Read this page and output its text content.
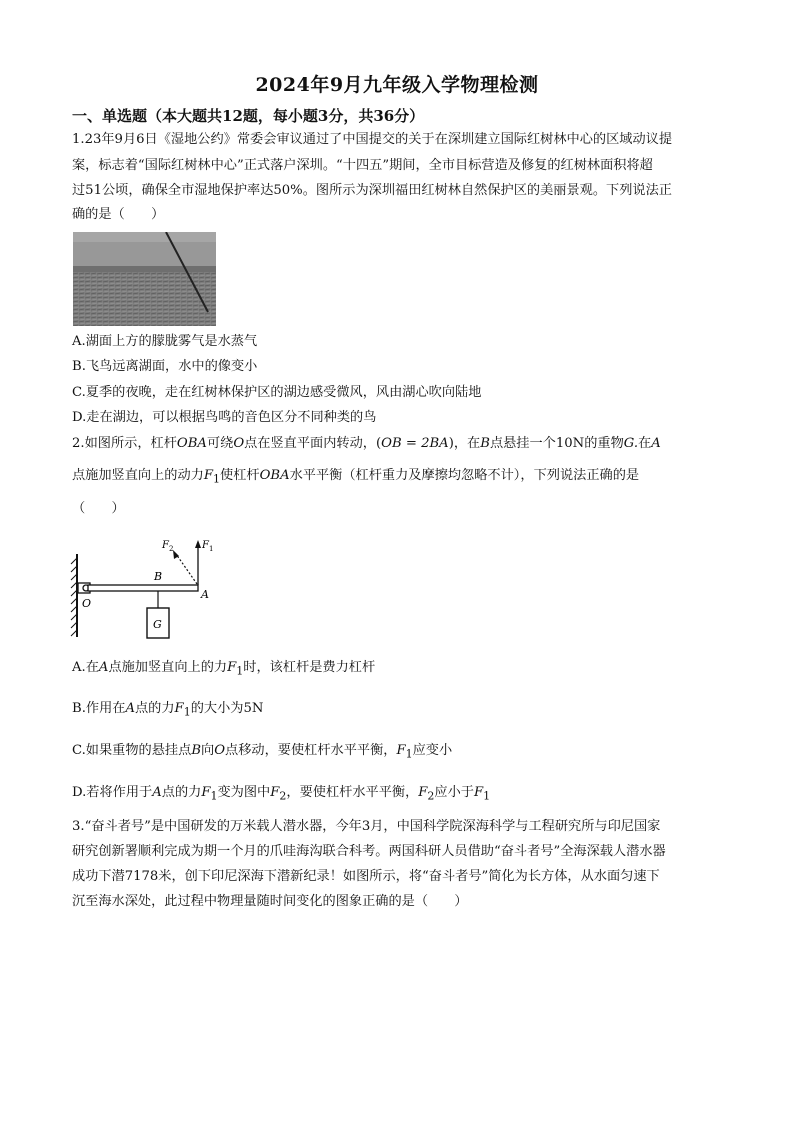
2024年9月九年级入学物理检测
一、单选题（本大题共12题，每小题3分，共36分）
1.23年9月6日《湿地公约》常委会审议通过了中国提交的关于在深圳建立国际红树林中心的区域动议提
案，标志着“国际红树林中心”正式落户深圳。“十四五”期间，全市目标营造及修复的红树林面积将超
过51公顷，确保全市湿地保护率达50%。图所示为深圳福田红树林自然保护区的美丽景观。下列说法正
确的是（　　）
A.湖面上方的朦胧雾气是水蒸气
B.飞鸟远离湖面，水中的像变小
C.夏季的夜晚，走在红树林保护区的湖边感受微风，风由湖心吹向陆地
D.走在湖边，可以根据鸟鸣的音色区分不同种类的鸟
2.如图所示，杠杆OBA可绕O点在竖直平面内转动，(OB = 2BA)，在B点悬挂一个10N的重物G.在A
点施加竖直向上的动力$F_1$使杠杆OBA水平平衡（杠杆重力及摩擦均忽略不计），下列说法正确的是
（　　）
F 2	F 1
B
A
O
G
A.在A点施加竖直向上的力$F_1$时，该杠杆是费力杠杆
B.作用在A点的力$F_1$的大小为5N
C.如果重物的悬挂点B向O点移动，要使杠杆水平平衡，$F_1$应变小
D.若将作用于A点的力$F_1$变为图中$F_2$，要使杠杆水平平衡，$F_2$应小于$F_1$
3.“奋斗者号”是中国研发的万米载人潜水器，今年3月，中国科学院深海科学与工程研究所与印尼国家
研究创新署顺利完成为期一个月的爪哇海沟联合科考。两国科研人员借助“奋斗者号”全海深载人潜水器
成功下潜7178米，创下印尼深海下潜新纪录！如图所示，将“奋斗者号”简化为长方体，从水面匀速下
沉至海水深处，此过程中物理量随时间变化的图象正确的是（　　）
